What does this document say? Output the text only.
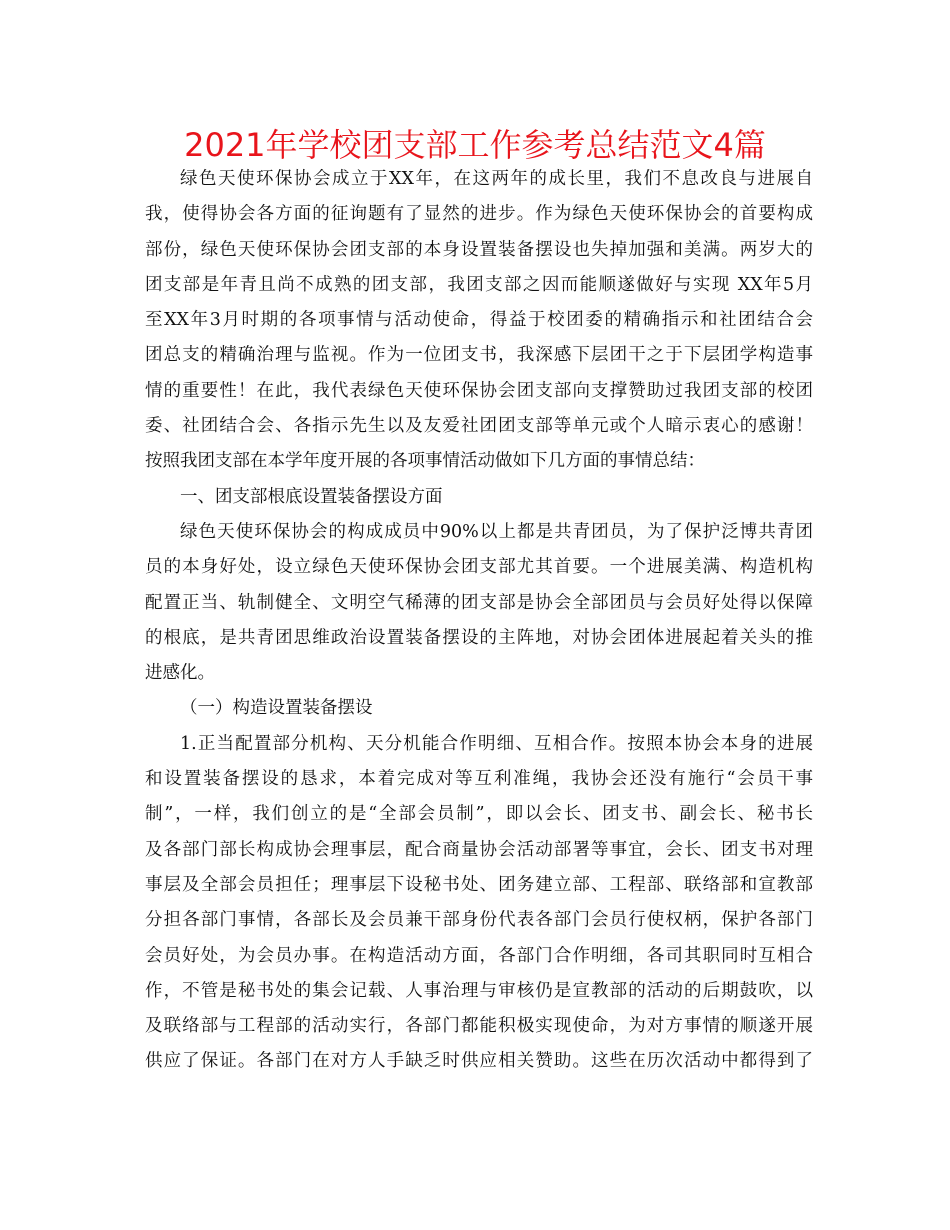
2021年学校团支部工作参考总结范文4篇
绿色天使环保协会成立于XX年，在这两年的成长里，我们不息改良与进展自
我，使得协会各方面的征询题有了显然的进步。作为绿色天使环保协会的首要构成
部份，绿色天使环保协会团支部的本身设置装备摆设也失掉加强和美满。两岁大的
团支部是年青且尚不成熟的团支部，我团支部之因而能顺遂做好与实现 XX年5月
至XX年3月时期的各项事情与活动使命，得益于校团委的精确指示和社团结合会
团总支的精确治理与监视。作为一位团支书，我深感下层团干之于下层团学构造事
情的重要性！在此，我代表绿色天使环保协会团支部向支撑赞助过我团支部的校团
委、社团结合会、各指示先生以及友爱社团团支部等单元或个人暗示衷心的感谢！
按照我团支部在本学年度开展的各项事情活动做如下几方面的事情总结：
一、团支部根底设置装备摆设方面
绿色天使环保协会的构成成员中90%以上都是共青团员，为了保护泛博共青团
员的本身好处，设立绿色天使环保协会团支部尤其首要。一个进展美满、构造机构
配置正当、轨制健全、文明空气稀薄的团支部是协会全部团员与会员好处得以保障
的根底，是共青团思维政治设置装备摆设的主阵地，对协会团体进展起着关头的推
进感化。
（一）构造设置装备摆设
1.正当配置部分机构、天分机能合作明细、互相合作。按照本协会本身的进展
和设置装备摆设的恳求，本着完成对等互利准绳，我协会还没有施行“会员干事
制”，一样，我们创立的是“全部会员制”，即以会长、团支书、副会长、秘书长
及各部门部长构成协会理事层，配合商量协会活动部署等事宜，会长、团支书对理
事层及全部会员担任；理事层下设秘书处、团务建立部、工程部、联络部和宣教部
分担各部门事情，各部长及会员兼干部身份代表各部门会员行使权柄，保护各部门
会员好处，为会员办事。在构造活动方面，各部门合作明细，各司其职同时互相合
作，不管是秘书处的集会记载、人事治理与审核仍是宣教部的活动的后期鼓吹，以
及联络部与工程部的活动实行，各部门都能积极实现使命，为对方事情的顺遂开展
供应了保证。各部门在对方人手缺乏时供应相关赞助。这些在历次活动中都得到了
